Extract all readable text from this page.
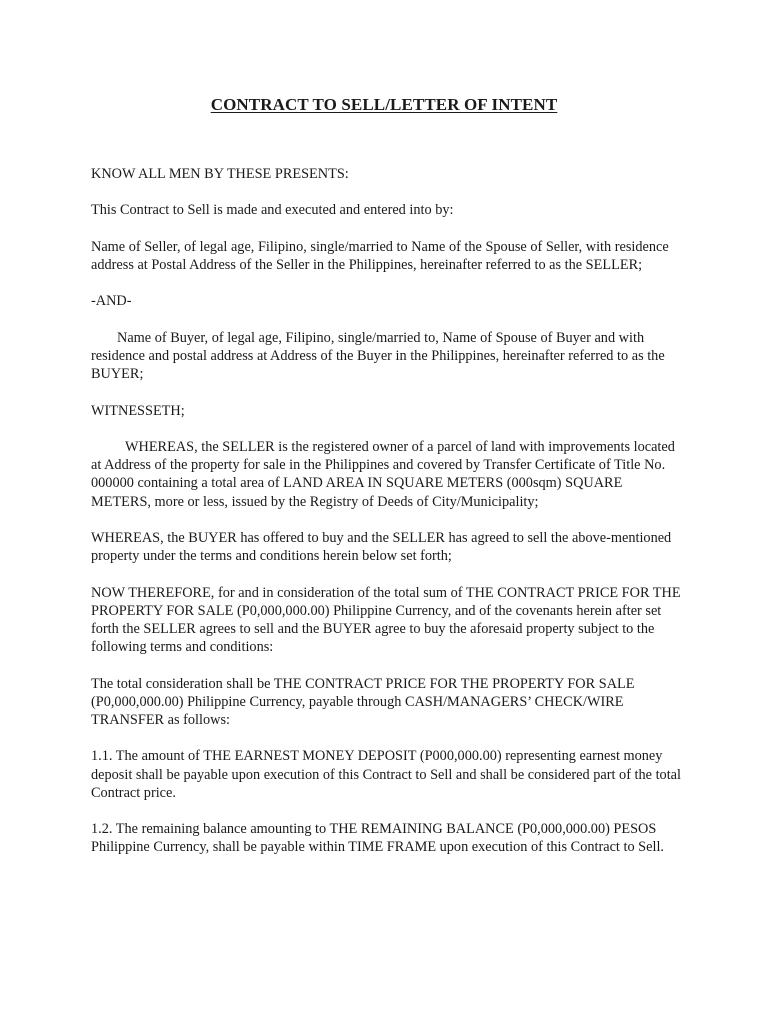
CONTRACT TO SELL/LETTER OF INTENT

KNOW ALL MEN BY THESE PRESENTS:

This Contract to Sell is made and executed and entered into by:

Name of Seller, of legal age, Filipino, single/married to Name of the Spouse of Seller, with residence address at Postal Address of the Seller in the Philippines, hereinafter referred to as the SELLER;

-AND-

Name of Buyer, of legal age, Filipino, single/married to, Name of Spouse of Buyer and with residence and postal address at Address of the Buyer in the Philippines, hereinafter referred to as the BUYER;

WITNESSETH;

WHEREAS, the SELLER is the registered owner of a parcel of land with improvements located at Address of the property for sale in the Philippines and covered by Transfer Certificate of Title No. 000000 containing a total area of LAND AREA IN SQUARE METERS (000sqm) SQUARE METERS, more or less, issued by the Registry of Deeds of City/Municipality;

WHEREAS, the BUYER has offered to buy and the SELLER has agreed to sell the above-mentioned property under the terms and conditions herein below set forth;

NOW THEREFORE, for and in consideration of the total sum of THE CONTRACT PRICE FOR THE PROPERTY FOR SALE (P0,000,000.00) Philippine Currency, and of the covenants herein after set forth the SELLER agrees to sell and the BUYER agree to buy the aforesaid property subject to the following terms and conditions:

The total consideration shall be THE CONTRACT PRICE FOR THE PROPERTY FOR SALE (P0,000,000.00) Philippine Currency, payable through CASH/MANAGERS’ CHECK/WIRE TRANSFER as follows:

1.1. The amount of THE EARNEST MONEY DEPOSIT (P000,000.00) representing earnest money deposit shall be payable upon execution of this Contract to Sell and shall be considered part of the total Contract price.

1.2. The remaining balance amounting to THE REMAINING BALANCE (P0,000,000.00) PESOS Philippine Currency, shall be payable within TIME FRAME upon execution of this Contract to Sell.
